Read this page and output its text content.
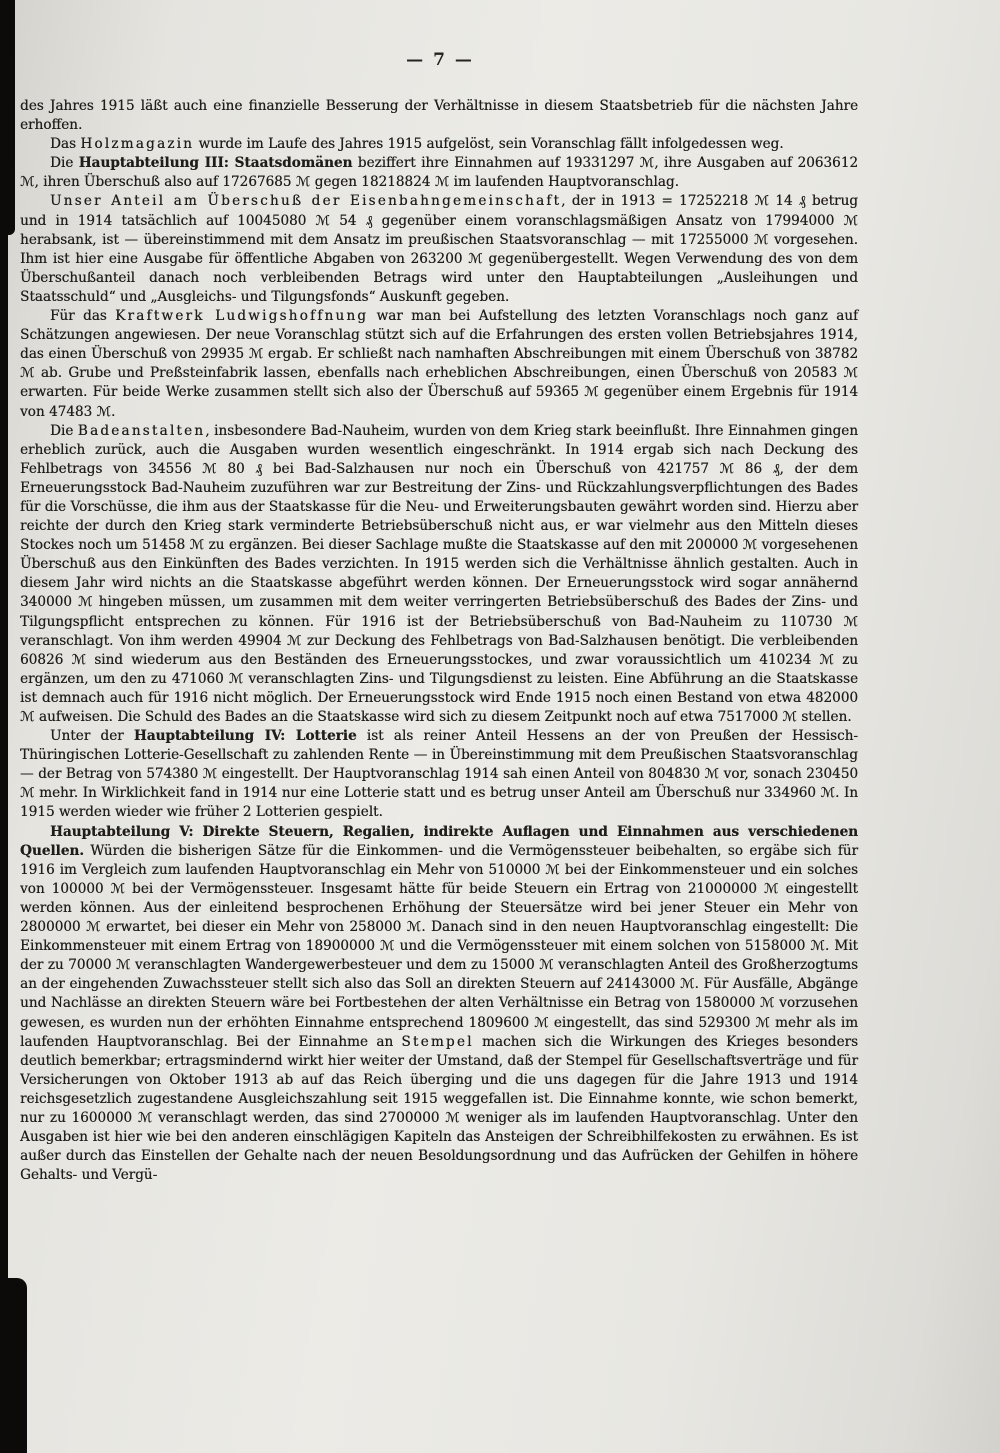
— 7 —

des Jahres 1915 läßt auch eine finanzielle Besserung der Verhältnisse in diesem Staatsbetrieb für die nächsten Jahre erhoffen.

Das Holzmagazin wurde im Laufe des Jahres 1915 aufgelöst, sein Voranschlag fällt infolgedessen weg.

Die Hauptabteilung III: Staatsdomänen beziffert ihre Einnahmen auf 19331297 ℳ, ihre Ausgaben auf 2063612 ℳ, ihren Überschuß also auf 17267685 ℳ gegen 18218824 ℳ im laufenden Hauptvoranschlag.

Unser Anteil am Überschuß der Eisenbahngemeinschaft, der in 1913 = 17252218 ℳ 14 ₰ betrug und in 1914 tatsächlich auf 10045080 ℳ 54 ₰ gegenüber einem voranschlagsmäßigen Ansatz von 17994000 ℳ herabsank, ist — übereinstimmend mit dem Ansatz im preußischen Staatsvoranschlag — mit 17255000 ℳ vorgesehen. Ihm ist hier eine Ausgabe für öffentliche Abgaben von 263200 ℳ gegenübergestellt. Wegen Verwendung des von dem Überschußanteil danach noch verbleibenden Betrags wird unter den Hauptabteilungen „Ausleihungen und Staatsschuld“ und „Ausgleichs- und Tilgungsfonds“ Auskunft gegeben.

Für das Kraftwerk Ludwigshoffnung war man bei Aufstellung des letzten Voranschlags noch ganz auf Schätzungen angewiesen. Der neue Voranschlag stützt sich auf die Erfahrungen des ersten vollen Betriebsjahres 1914, das einen Überschuß von 29935 ℳ ergab. Er schließt nach namhaften Abschreibungen mit einem Überschuß von 38782 ℳ ab. Grube und Preßsteinfabrik lassen, ebenfalls nach erheblichen Abschreibungen, einen Überschuß von 20583 ℳ erwarten. Für beide Werke zusammen stellt sich also der Überschuß auf 59365 ℳ gegenüber einem Ergebnis für 1914 von 47483 ℳ.

Die Badeanstalten, insbesondere Bad-Nauheim, wurden von dem Krieg stark beeinflußt. Ihre Einnahmen gingen erheblich zurück, auch die Ausgaben wurden wesentlich eingeschränkt. In 1914 ergab sich nach Deckung des Fehlbetrags von 34556 ℳ 80 ₰ bei Bad-Salzhausen nur noch ein Überschuß von 421757 ℳ 86 ₰, der dem Erneuerungsstock Bad-Nauheim zuzuführen war zur Bestreitung der Zins- und Rückzahlungsverpflichtungen des Bades für die Vorschüsse, die ihm aus der Staatskasse für die Neu- und Erweiterungsbauten gewährt worden sind. Hierzu aber reichte der durch den Krieg stark verminderte Betriebsüberschuß nicht aus, er war vielmehr aus den Mitteln dieses Stockes noch um 51458 ℳ zu ergänzen. Bei dieser Sachlage mußte die Staatskasse auf den mit 200000 ℳ vorgesehenen Überschuß aus den Einkünften des Bades verzichten. In 1915 werden sich die Verhältnisse ähnlich gestalten. Auch in diesem Jahr wird nichts an die Staatskasse abgeführt werden können. Der Erneuerungsstock wird sogar annähernd 340000 ℳ hingeben müssen, um zusammen mit dem weiter verringerten Betriebsüberschuß des Bades der Zins- und Tilgungspflicht entsprechen zu können. Für 1916 ist der Betriebsüberschuß von Bad-Nauheim zu 110730 ℳ veranschlagt. Von ihm werden 49904 ℳ zur Deckung des Fehlbetrags von Bad-Salzhausen benötigt. Die verbleibenden 60826 ℳ sind wiederum aus den Beständen des Erneuerungsstockes, und zwar voraussichtlich um 410234 ℳ zu ergänzen, um den zu 471060 ℳ veranschlagten Zins- und Tilgungsdienst zu leisten. Eine Abführung an die Staatskasse ist demnach auch für 1916 nicht möglich. Der Erneuerungsstock wird Ende 1915 noch einen Bestand von etwa 482000 ℳ aufweisen. Die Schuld des Bades an die Staatskasse wird sich zu diesem Zeitpunkt noch auf etwa 7517000 ℳ stellen.

Unter der Hauptabteilung IV: Lotterie ist als reiner Anteil Hessens an der von Preußen der Hessisch-Thüringischen Lotterie-Gesellschaft zu zahlenden Rente — in Übereinstimmung mit dem Preußischen Staatsvoranschlag — der Betrag von 574380 ℳ eingestellt. Der Hauptvoranschlag 1914 sah einen Anteil von 804830 ℳ vor, sonach 230450 ℳ mehr. In Wirklichkeit fand in 1914 nur eine Lotterie statt und es betrug unser Anteil am Überschuß nur 334960 ℳ. In 1915 werden wieder wie früher 2 Lotterien gespielt.

Hauptabteilung V: Direkte Steuern, Regalien, indirekte Auflagen und Einnahmen aus verschiedenen Quellen. Würden die bisherigen Sätze für die Einkommen- und die Vermögenssteuer beibehalten, so ergäbe sich für 1916 im Vergleich zum laufenden Hauptvoranschlag ein Mehr von 510000 ℳ bei der Einkommensteuer und ein solches von 100000 ℳ bei der Vermögenssteuer. Insgesamt hätte für beide Steuern ein Ertrag von 21000000 ℳ eingestellt werden können. Aus der einleitend besprochenen Erhöhung der Steuersätze wird bei jener Steuer ein Mehr von 2800000 ℳ erwartet, bei dieser ein Mehr von 258000 ℳ. Danach sind in den neuen Hauptvoranschlag eingestellt: Die Einkommensteuer mit einem Ertrag von 18900000 ℳ und die Vermögenssteuer mit einem solchen von 5158000 ℳ. Mit der zu 70000 ℳ veranschlagten Wandergewerbesteuer und dem zu 15000 ℳ veranschlagten Anteil des Großherzogtums an der eingehenden Zuwachssteuer stellt sich also das Soll an direkten Steuern auf 24143000 ℳ. Für Ausfälle, Abgänge und Nachlässe an direkten Steuern wäre bei Fortbestehen der alten Verhältnisse ein Betrag von 1580000 ℳ vorzusehen gewesen, es wurden nun der erhöhten Einnahme entsprechend 1809600 ℳ eingestellt, das sind 529300 ℳ mehr als im laufenden Hauptvoranschlag. Bei der Einnahme an Stempel machen sich die Wirkungen des Krieges besonders deutlich bemerkbar; ertragsmindernd wirkt hier weiter der Umstand, daß der Stempel für Gesellschaftsverträge und für Versicherungen von Oktober 1913 ab auf das Reich überging und die uns dagegen für die Jahre 1913 und 1914 reichsgesetzlich zugestandene Ausgleichszahlung seit 1915 weggefallen ist. Die Einnahme konnte, wie schon bemerkt, nur zu 1600000 ℳ veranschlagt werden, das sind 2700000 ℳ weniger als im laufenden Hauptvoranschlag. Unter den Ausgaben ist hier wie bei den anderen einschlägigen Kapiteln das Ansteigen der Schreibhilfekosten zu erwähnen. Es ist außer durch das Einstellen der Gehalte nach der neuen Besoldungsordnung und das Aufrücken der Gehilfen in höhere Gehalts- und Vergü-
